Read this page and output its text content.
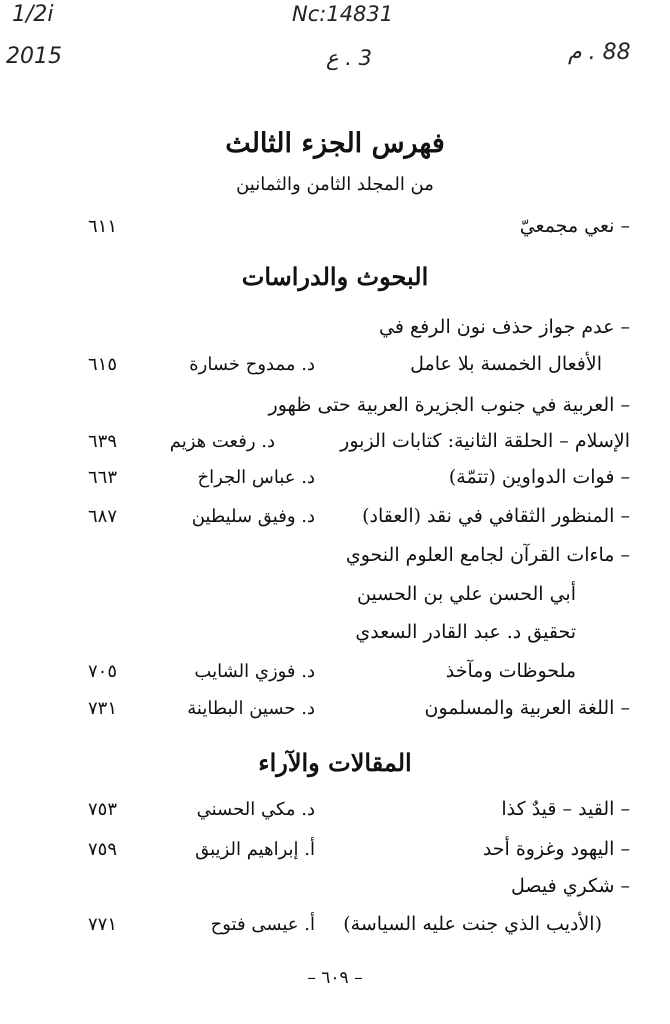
1/2i
2015
Nc:14831
3 . ع	88 . م
فهرس الجزء الثالث
من المجلد الثامن والثمانين
– نعي مجمعيّ
٦١١
البحوث والدراسات
– عدم جواز حذف نون الرفع في
الأفعال الخمسة بلا عامل
د. ممدوح خسارة
٦١٥
– العربية في جنوب الجزيرة العربية حتى ظهور
الإسلام – الحلقة الثانية: كتابات الزبور
د. رفعت هزيم
٦٣٩
– فوات الدواوين (تتمّة)
د. عباس الجراخ
٦٦٣
– المنظور الثقافي في نقد (العقاد)
د. وفيق سليطين
٦٨٧
– ماءات القرآن لجامع العلوم النحوي
أبي الحسن علي بن الحسين
تحقيق د. عبد القادر السعدي
ملحوظات ومآخذ
د. فوزي الشايب
٧٠٥
– اللغة العربية والمسلمون
د. حسين البطاينة
٧٣١
المقالات والآراء
– القيد – قيدٌ كذا
د. مكي الحسني
٧٥٣
– اليهود وغزوة أحد
أ. إبراهيم الزيبق
٧٥٩
– شكري فيصل
(الأديب الذي جنت عليه السياسة)
أ. عيسى فتوح
٧٧١
– ٦٠٩ –
